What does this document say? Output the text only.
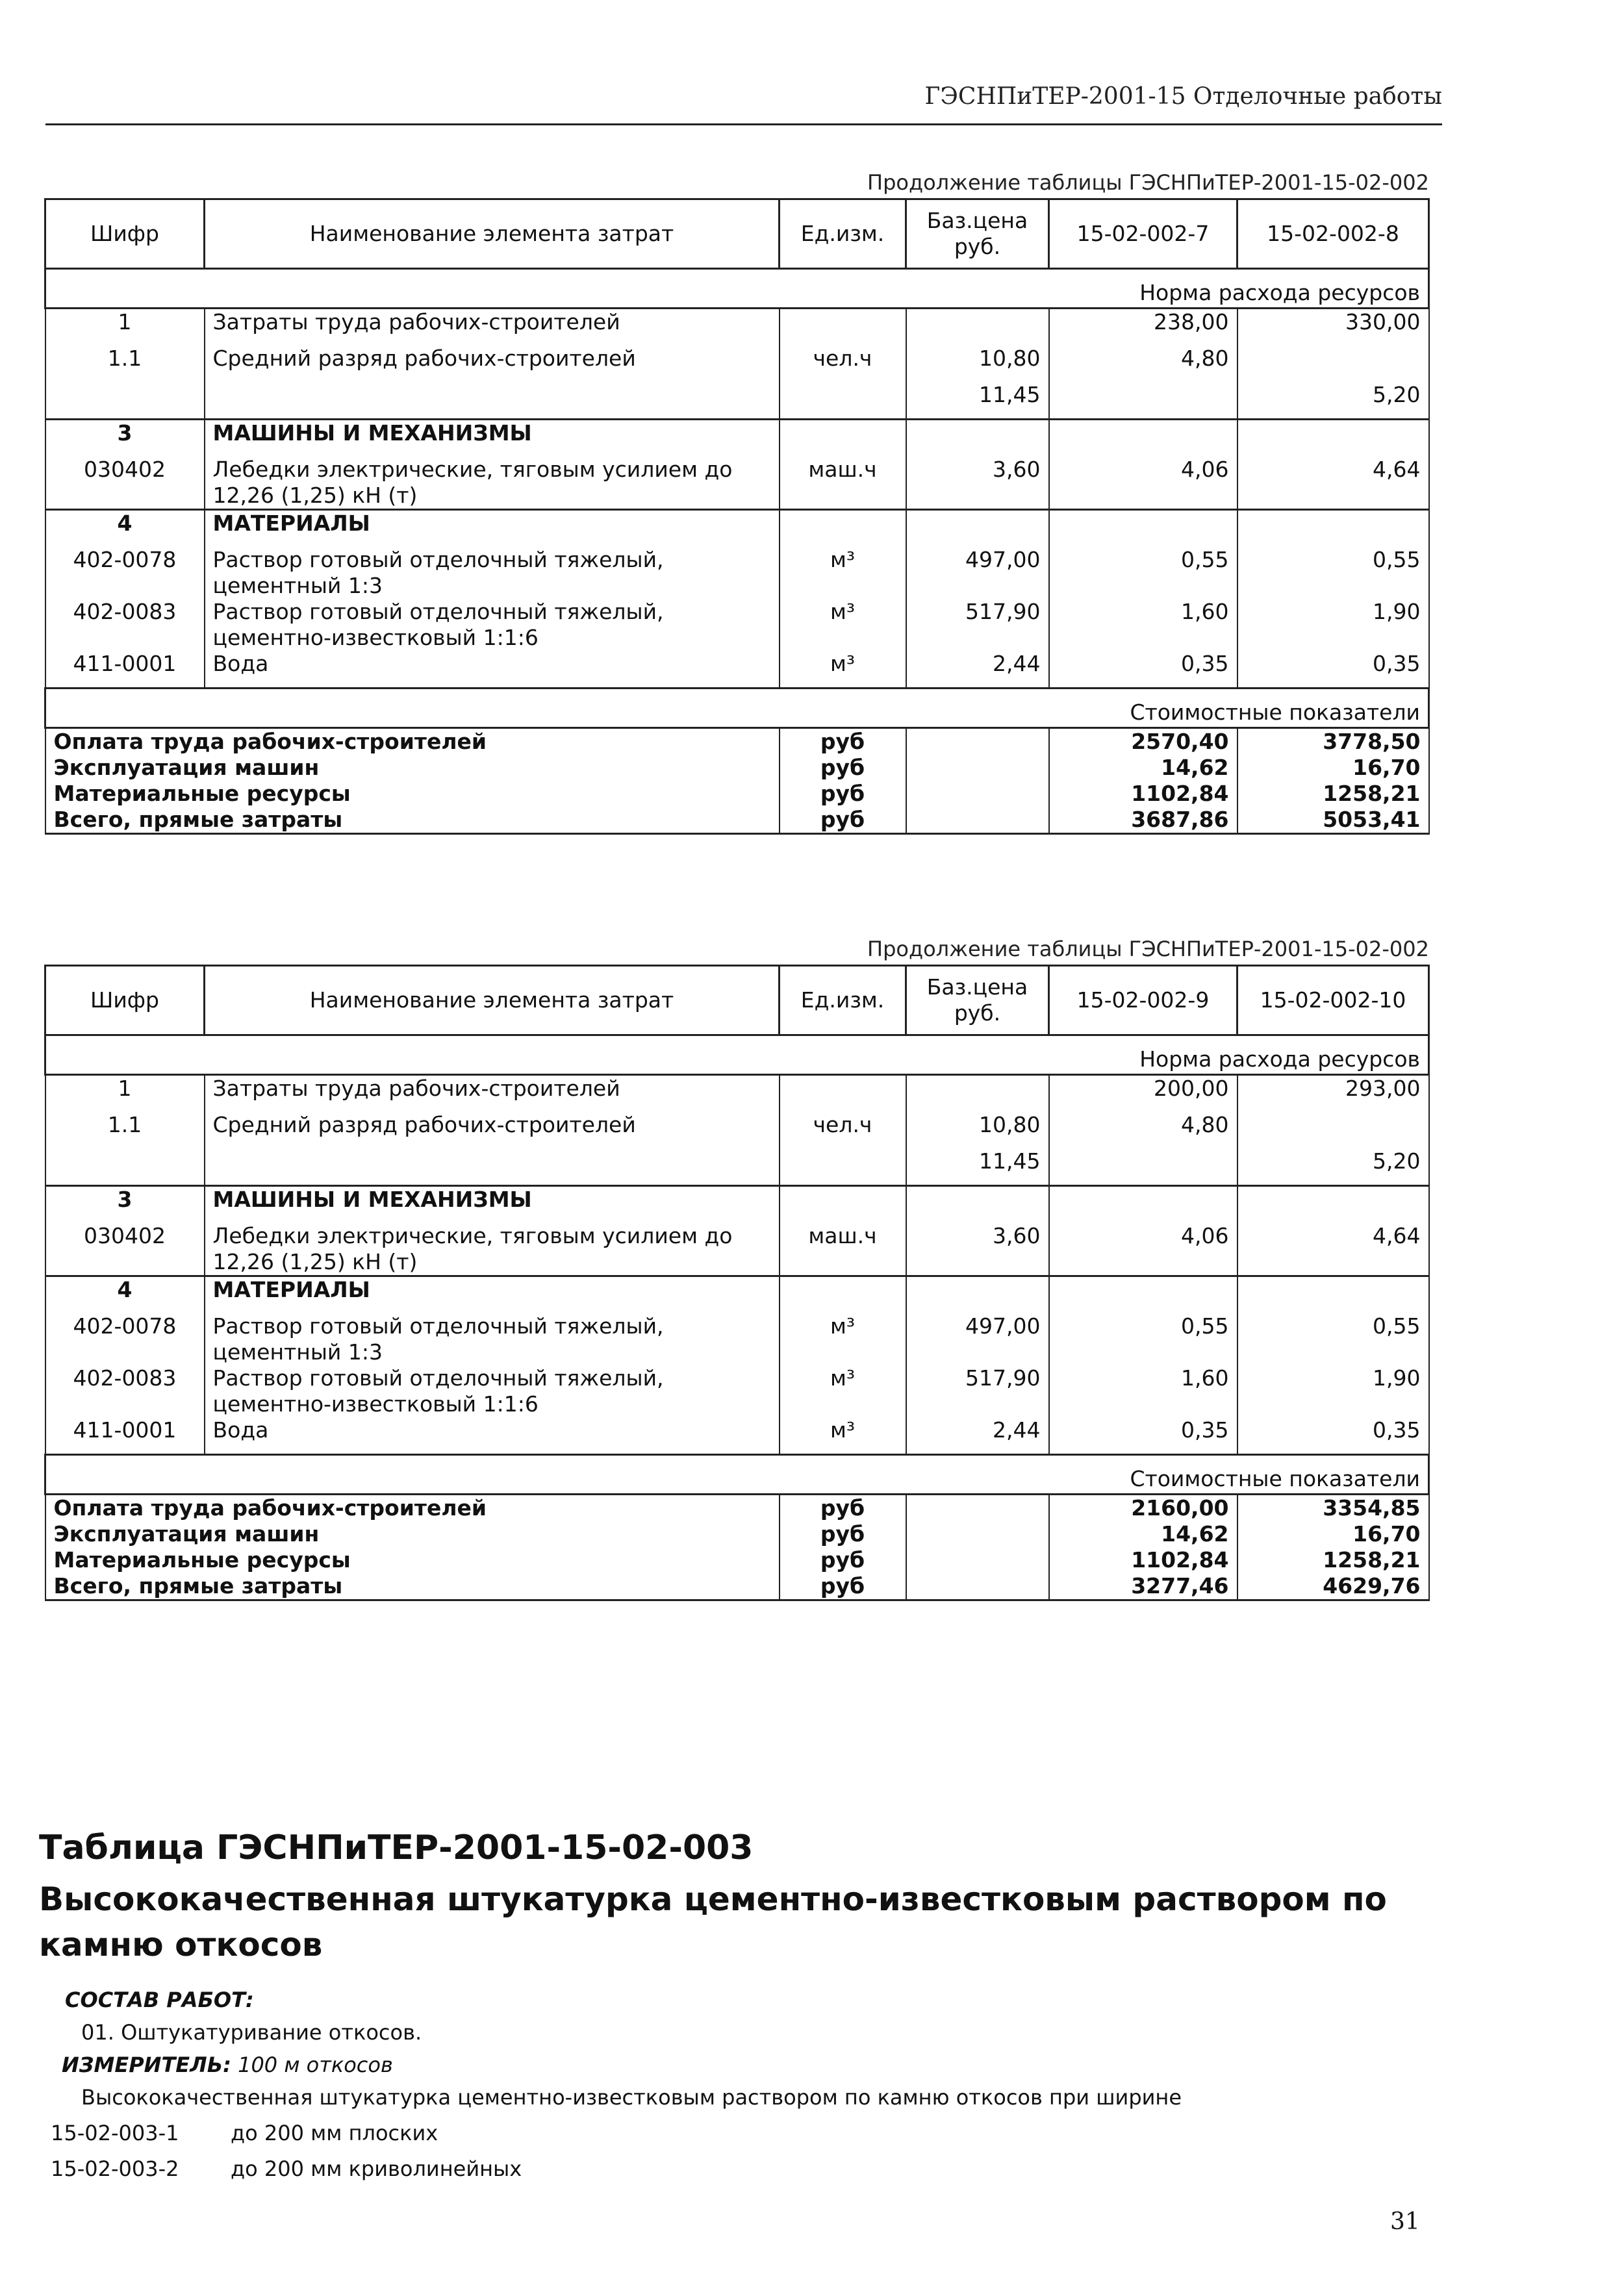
ГЭСНПиТЕР-2001-15 Отделочные работы
Продолжение таблицы ГЭСНПиТЕР-2001-15-02-002
Шифр	Наименование элемента затрат	Ед.изм.	Баз.цена руб.	15-02-002-7	15-02-002-8
Норма расхода ресурсов					
1	Затраты труда рабочих-строителей			238,00	330,00
1.1	Средний разряд рабочих-строителей	чел.ч	10,80	4,80	
			11,45		5,20
3	МАШИНЫ И МЕХАНИЗМЫ				
030402	Лебедки электрические, тяговым усилием до 12,26 (1,25) кН (т)	маш.ч	3,60	4,06	4,64
4	МАТЕРИАЛЫ				
402-0078	Раствор готовый отделочный тяжелый, цементный 1:3	м³	497,00	0,55	0,55
402-0083	Раствор готовый отделочный тяжелый, цементно-известковый 1:1:6	м³	517,90	1,60	1,90
411-0001	Вода	м³	2,44	0,35	0,35
Стоимостные показатели					
Оплата труда рабочих-строителей		руб		2570,40	3778,50
Эксплуатация машин		руб		14,62	16,70
Материальные ресурсы		руб		1102,84	1258,21
Всего, прямые затраты		руб		3687,86	5053,41
Продолжение таблицы ГЭСНПиТЕР-2001-15-02-002
Шифр	Наименование элемента затрат	Ед.изм.	Баз.цена руб.	15-02-002-9	15-02-002-10
Норма расхода ресурсов					
1	Затраты труда рабочих-строителей			200,00	293,00
1.1	Средний разряд рабочих-строителей	чел.ч	10,80	4,80	
			11,45		5,20
3	МАШИНЫ И МЕХАНИЗМЫ				
030402	Лебедки электрические, тяговым усилием до 12,26 (1,25) кН (т)	маш.ч	3,60	4,06	4,64
4	МАТЕРИАЛЫ				
402-0078	Раствор готовый отделочный тяжелый, цементный 1:3	м³	497,00	0,55	0,55
402-0083	Раствор готовый отделочный тяжелый, цементно-известковый 1:1:6	м³	517,90	1,60	1,90
411-0001	Вода	м³	2,44	0,35	0,35
Стоимостные показатели					
Оплата труда рабочих-строителей		руб		2160,00	3354,85
Эксплуатация машин		руб		14,62	16,70
Материальные ресурсы		руб		1102,84	1258,21
Всего, прямые затраты		руб		3277,46	4629,76
Таблица ГЭСНПиТЕР-2001-15-02-003
Высококачественная штукатурка цементно-известковым раствором по
камню откосов
СОСТАВ РАБОТ:
01. Оштукатуривание откосов.
ИЗМЕРИТЕЛЬ: 100 м откосов
Высококачественная штукатурка цементно-известковым раствором по камню откосов при ширине
15-02-003-1 до 200 мм плоских
15-02-003-2 до 200 мм криволинейных
31
